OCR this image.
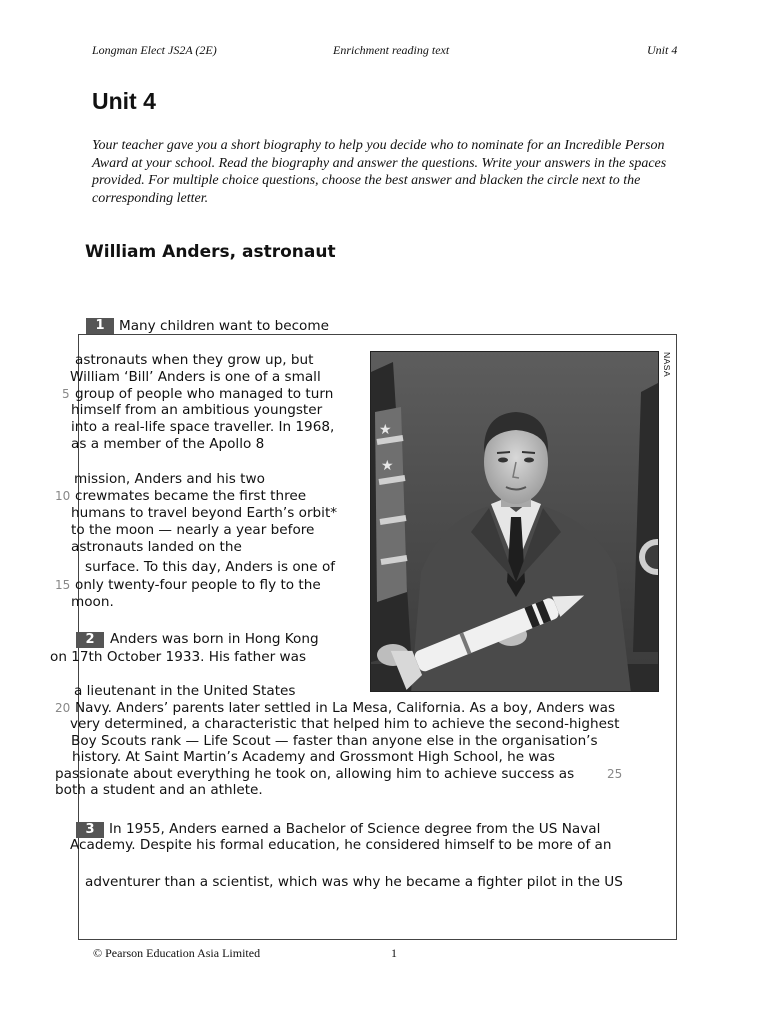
Longman Elect JS2A (2E)	Enrichment reading text	Unit 4
Unit 4
Your teacher gave you a short biography to help you decide who to nominate for an Incredible Person Award at your school. Read the biography and answer the questions. Write your answers in the spaces provided. For multiple choice questions, choose the best answer and blacken the circle next to the corresponding letter.
William Anders, astronaut
★
★
NASA
1	Many children want to become
astronauts when they grow up, but
William ‘Bill’ Anders is one of a small
5 group of people who managed to turn
himself from an ambitious youngster
into a real-life space traveller. In 1968,
as a member of the Apollo 8
mission, Anders and his two
10 crewmates became the first three
humans to travel beyond Earth’s orbit*
to the moon — nearly a year before
astronauts landed on the
surface. To this day, Anders is one of
15 only twenty-four people to fly to the
moon.
2	Anders was born in Hong Kong
on 17th October 1933. His father was
a lieutenant in the United States
20 Navy. Anders’ parents later settled in La Mesa, California. As a boy, Anders was
very determined, a characteristic that helped him to achieve the second-highest
Boy Scouts rank — Life Scout — faster than anyone else in the organisation’s
history. At Saint Martin’s Academy and Grossmont High School, he was
passionate about everything he took on, allowing him to achieve success as	25
both a student and an athlete.
3	In 1955, Anders earned a Bachelor of Science degree from the US Naval
Academy. Despite his formal education, he considered himself to be more of an
adventurer than a scientist, which was why he became a fighter pilot in the US
© Pearson Education Asia Limited	1
